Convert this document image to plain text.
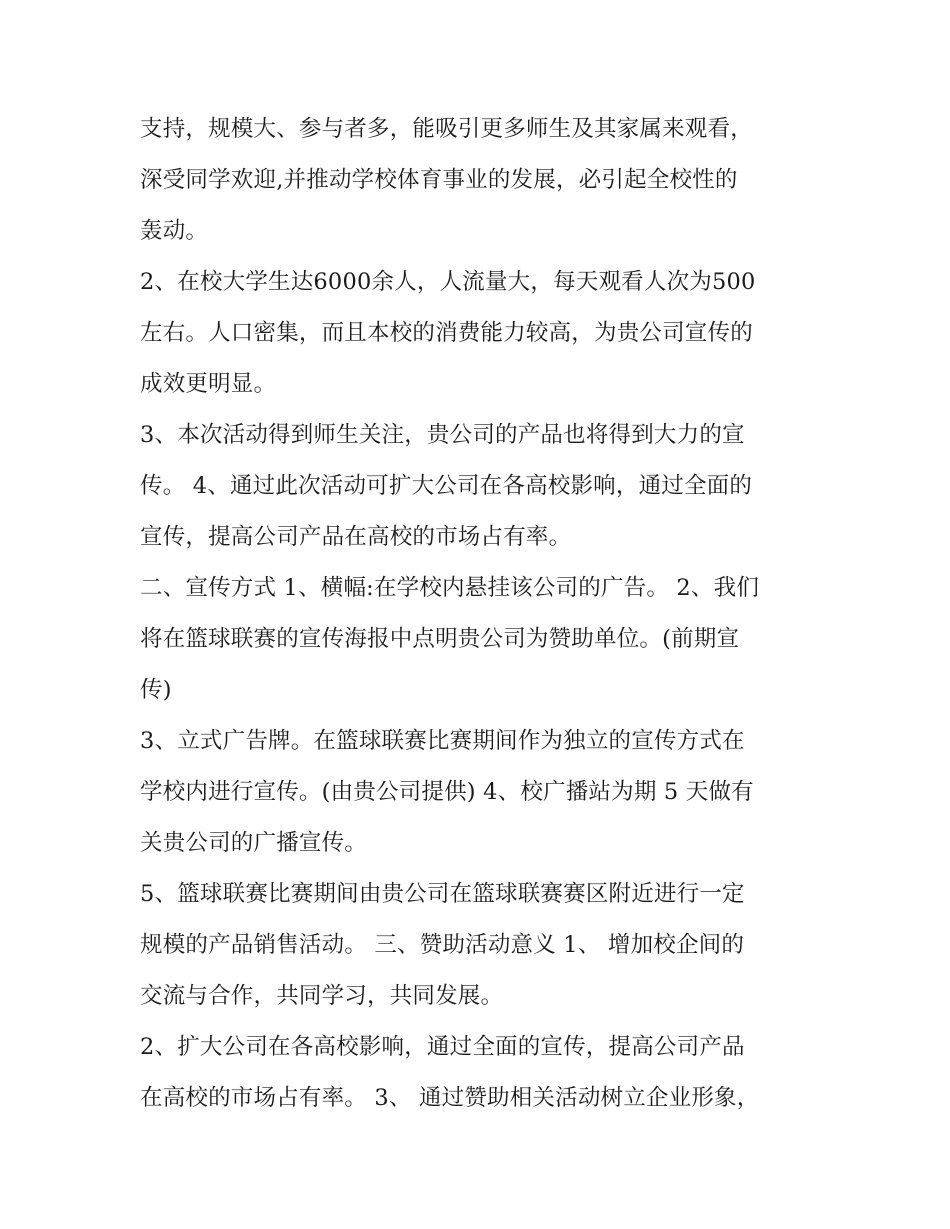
支持，规模大、参与者多，能吸引更多师生及其家属来观看，
深受同学欢迎,并推动学校体育事业的发展，必引起全校性的
轰动。
2、在校大学生达6000余人，人流量大，每天观看人次为500
左右。人口密集，而且本校的消费能力较高，为贵公司宣传的
成效更明显。
3、本次活动得到师生关注，贵公司的产品也将得到大力的宣
传。 4、通过此次活动可扩大公司在各高校影响，通过全面的
宣传，提高公司产品在高校的市场占有率。
二、宣传方式 1、横幅:在学校内悬挂该公司的广告。 2、我们
将在篮球联赛的宣传海报中点明贵公司为赞助单位。(前期宣
传)
3、立式广告牌。在篮球联赛比赛期间作为独立的宣传方式在
学校内进行宣传。(由贵公司提供) 4、校广播站为期 5 天做有
关贵公司的广播宣传。
5、篮球联赛比赛期间由贵公司在篮球联赛赛区附近进行一定
规模的产品销售活动。 三、赞助活动意义 1、 增加校企间的
交流与合作，共同学习，共同发展。
2、扩大公司在各高校影响，通过全面的宣传，提高公司产品
在高校的市场占有率。 3、 通过赞助相关活动树立企业形象，
